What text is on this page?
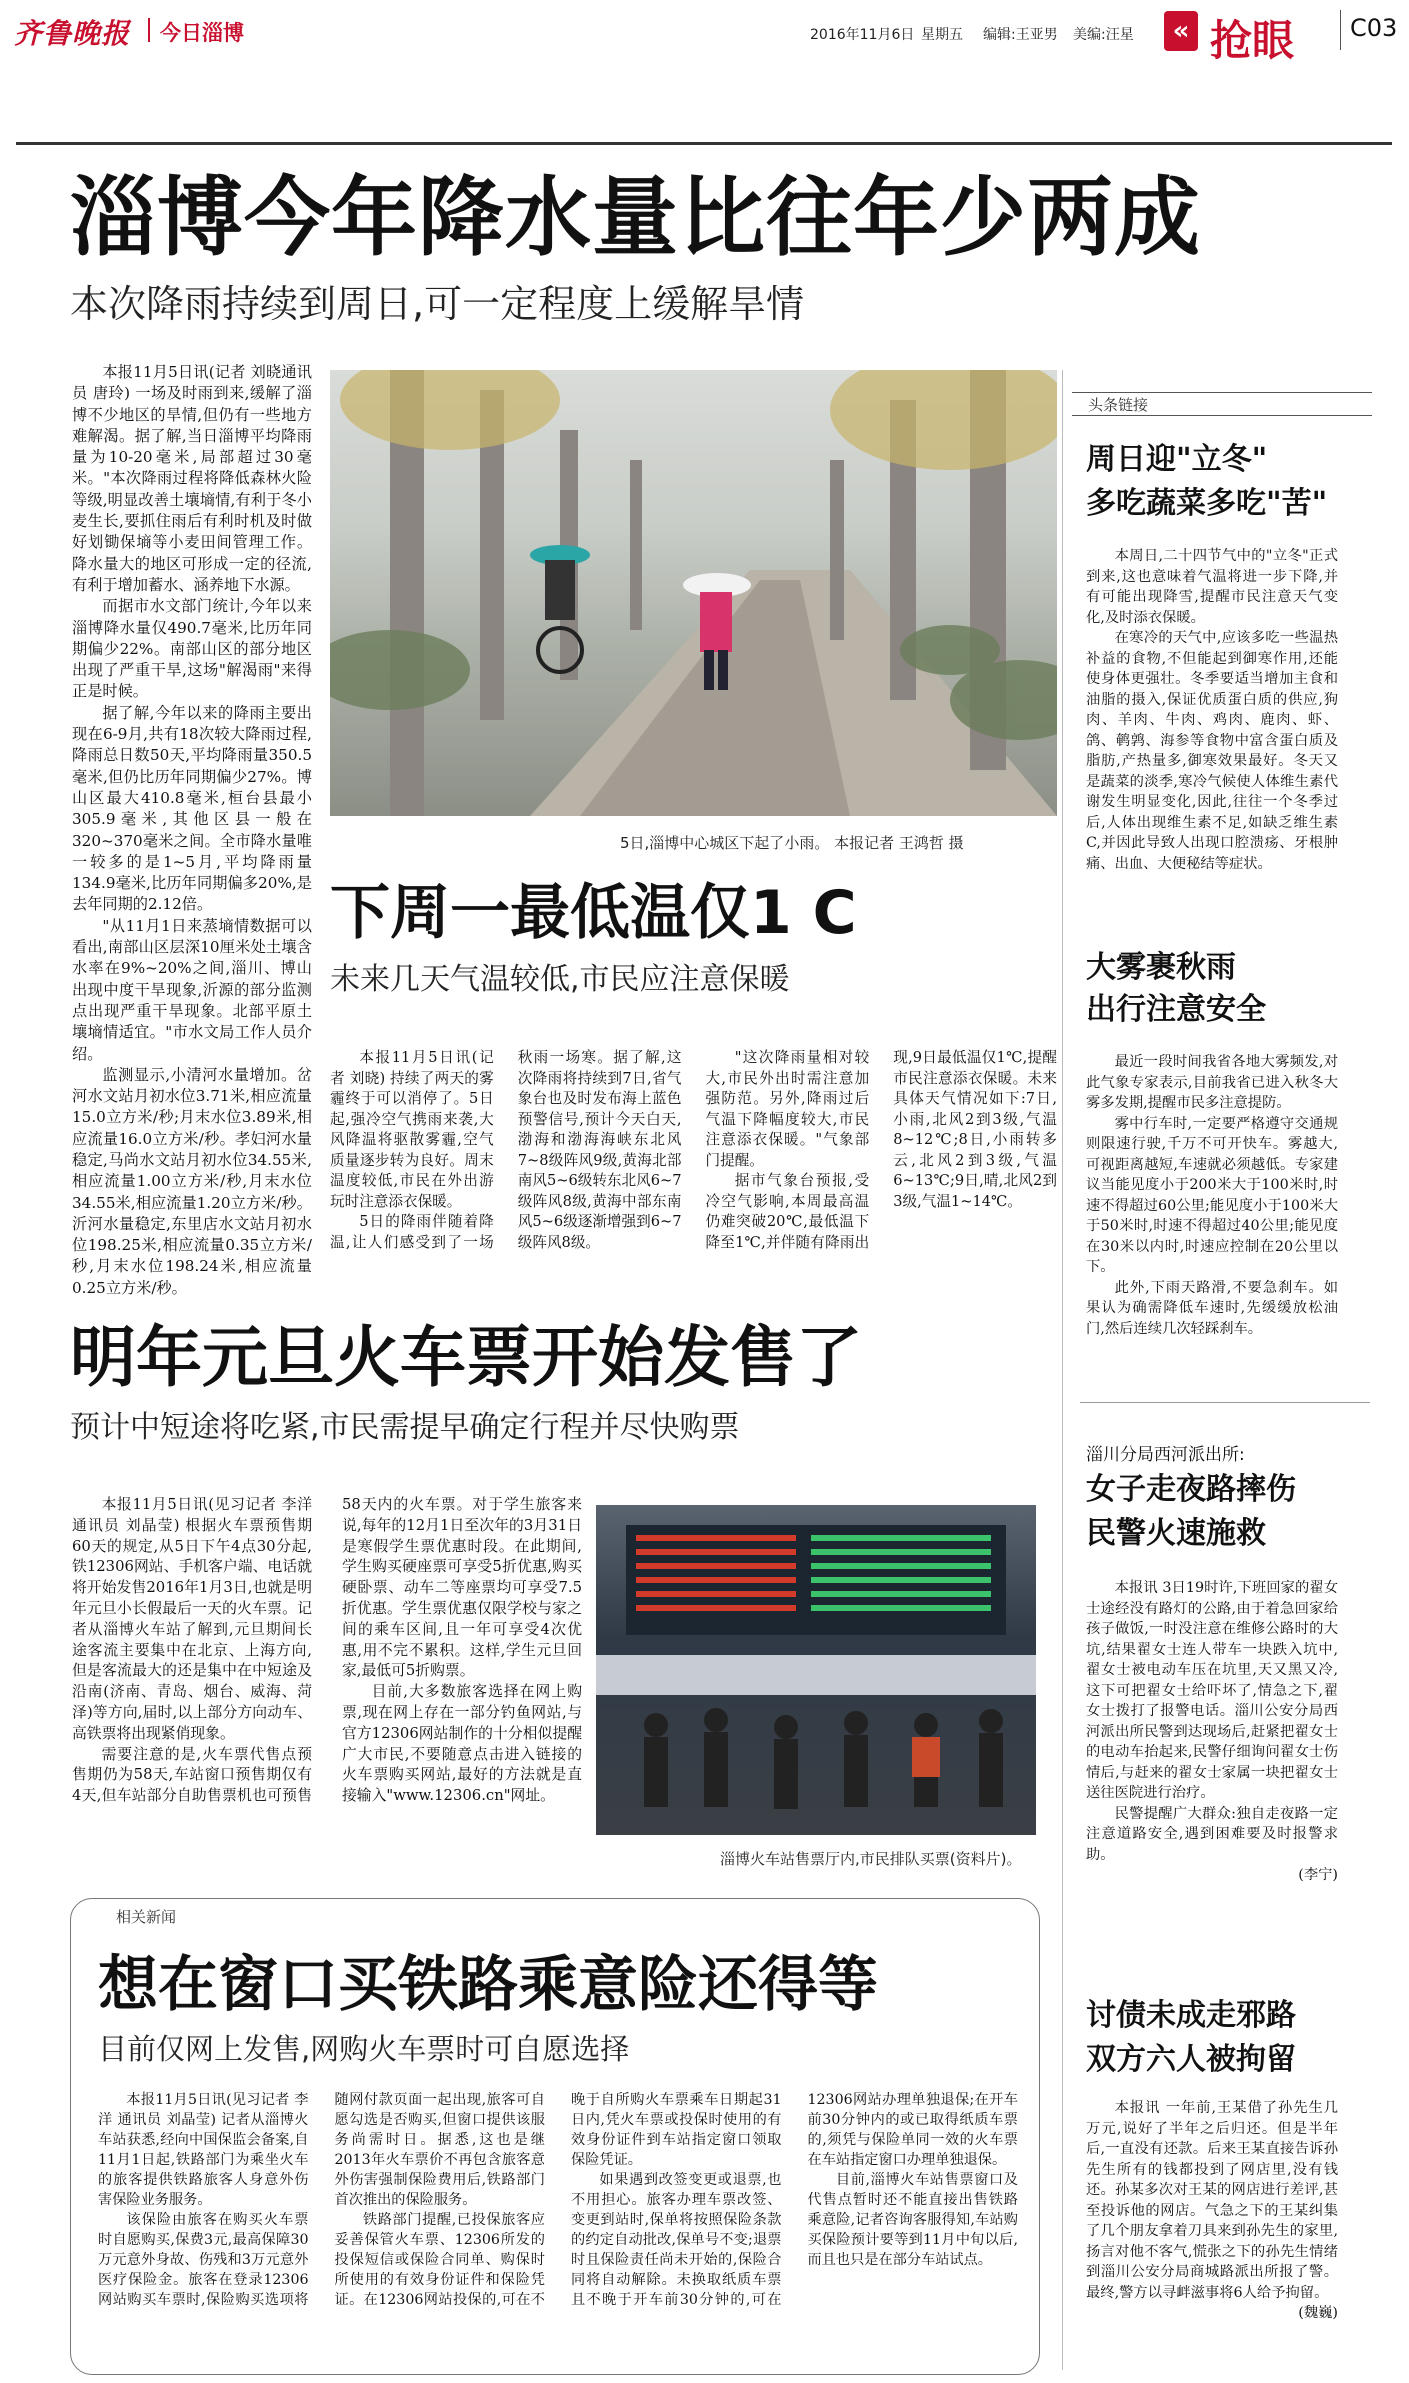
齐鲁晚报 今日淄博	2016年11月6日 星期五 编辑:王亚男 美编:汪星	« 抢眼 C03
淄博今年降水量比往年少两成
本次降雨持续到周日,可一定程度上缓解旱情

本报11月5日讯(记者 刘晓通讯员 唐玲) 一场及时雨到来,缓解了淄博不少地区的旱情,但仍有一些地方难解渴。据了解,当日淄博平均降雨量为10-20毫米,局部超过30毫米。"本次降雨过程将降低森林火险等级,明显改善土壤墒情,有利于冬小麦生长,要抓住雨后有利时机及时做好划锄保墒等小麦田间管理工作。降水量大的地区可形成一定的径流,有利于增加蓄水、涵养地下水源。

而据市水文部门统计,今年以来淄博降水量仅490.7毫米,比历年同期偏少22%。南部山区的部分地区出现了严重干旱,这场"解渴雨"来得正是时候。

据了解,今年以来的降雨主要出现在6-9月,共有18次较大降雨过程,降雨总日数50天,平均降雨量350.5毫米,但仍比历年同期偏少27%。博山区最大410.8毫米,桓台县最小305.9毫米,其他区县一般在320~370毫米之间。全市降水量唯一较多的是1~5月,平均降雨量134.9毫米,比历年同期偏多20%,是去年同期的2.12倍。

"从11月1日来蒸墒情数据可以看出,南部山区层深10厘米处土壤含水率在9%~20%之间,淄川、博山出现中度干旱现象,沂源的部分监测点出现严重干旱现象。北部平原土壤墒情适宜。"市水文局工作人员介绍。

监测显示,小清河水量增加。岔河水文站月初水位3.71米,相应流量15.0立方米/秒;月末水位3.89米,相应流量16.0立方米/秒。孝妇河水量稳定,马尚水文站月初水位34.55米,相应流量1.00立方米/秒,月末水位34.55米,相应流量1.20立方米/秒。沂河水量稳定,东里店水文站月初水位198.25米,相应流量0.35立方米/秒,月末水位198.24米,相应流量0.25立方米/秒。

5日,淄博中心城区下起了小雨。 本报记者 王鸿哲 摄
下周一最低温仅1 C
未来几天气温较低,市民应注意保暖

本报11月5日讯(记者 刘晓) 持续了两天的雾霾终于可以消停了。5日起,强冷空气携雨来袭,大风降温将驱散雾霾,空气质量逐步转为良好。周末温度较低,市民在外出游玩时注意添衣保暖。

5日的降雨伴随着降温,让人们感受到了一场秋雨一场寒。据了解,这次降雨将持续到7日,省气象台也及时发布海上蓝色预警信号,预计今天白天,渤海和渤海海峡东北风7~8级阵风9级,黄海北部南风5~6级转东北风6~7级阵风8级,黄海中部东南风5~6级逐渐增强到6~7级阵风8级。

"这次降雨量相对较大,市民外出时需注意加强防范。另外,降雨过后气温下降幅度较大,市民注意添衣保暖。"气象部门提醒。

据市气象台预报,受冷空气影响,本周最高温仍难突破20℃,最低温下降至1℃,并伴随有降雨出现,9日最低温仅1℃,提醒市民注意添衣保暖。未来具体天气情况如下:7日,小雨,北风2到3级,气温8~12℃;8日,小雨转多云,北风2到3级,气温6~13℃;9日,晴,北风2到3级,气温1~14℃。

明年元旦火车票开始发售了
预计中短途将吃紧,市民需提早确定行程并尽快购票

本报11月5日讯(见习记者 李洋 通讯员 刘晶莹) 根据火车票预售期60天的规定,从5日下午4点30分起,铁12306网站、手机客户端、电话就将开始发售2016年1月3日,也就是明年元旦小长假最后一天的火车票。记者从淄博火车站了解到,元旦期间长途客流主要集中在北京、上海方向,但是客流最大的还是集中在中短途及沿南(济南、青岛、烟台、威海、菏泽)等方向,届时,以上部分方向动车、高铁票将出现紧俏现象。

需要注意的是,火车票代售点预售期仍为58天,车站窗口预售期仅有4天,但车站部分自助售票机也可预售58天内的火车票。对于学生旅客来说,每年的12月1日至次年的3月31日是寒假学生票优惠时段。在此期间,学生购买硬座票可享受5折优惠,购买硬卧票、动车二等座票均可享受7.5折优惠。学生票优惠仅限学校与家之间的乘车区间,且一年可享受4次优惠,用不完不累积。这样,学生元旦回家,最低可5折购票。

目前,大多数旅客选择在网上购票,现在网上存在一部分钓鱼网站,与官方12306网站制作的十分相似提醒广大市民,不要随意点击进入链接的火车票购买网站,最好的方法就是直接输入"www.12306.cn"网址。

淄博火车站售票厅内,市民排队买票(资料片)。
相关新闻
想在窗口买铁路乘意险还得等
目前仅网上发售,网购火车票时可自愿选择

本报11月5日讯(见习记者 李洋 通讯员 刘晶莹) 记者从淄博火车站获悉,经向中国保监会备案,自11月1日起,铁路部门为乘坐火车的旅客提供铁路旅客人身意外伤害保险业务服务。

该保险由旅客在购买火车票时自愿购买,保费3元,最高保障30万元意外身故、伤残和3万元意外医疗保险金。旅客在登录12306网站购买车票时,保险购买选项将随网付款页面一起出现,旅客可自愿勾选是否购买,但窗口提供该服务尚需时日。据悉,这也是继2013年火车票价不再包含旅客意外伤害强制保险费用后,铁路部门首次推出的保险服务。

铁路部门提醒,已投保旅客应妥善保管火车票、12306所发的投保短信或保险合同单、购保时所使用的有效身份证件和保险凭证。在12306网站投保的,可在不晚于自所购火车票乘车日期起31日内,凭火车票或投保时使用的有效身份证件到车站指定窗口领取保险凭证。

如果遇到改签变更或退票,也不用担心。旅客办理车票改签、变更到站时,保单将按照保险条款的约定自动批改,保单号不变;退票时且保险责任尚未开始的,保险合同将自动解除。未换取纸质车票且不晚于开车前30分钟的,可在12306网站办理单独退保;在开车前30分钟内的或已取得纸质车票的,须凭与保险单同一效的火车票在车站指定窗口办理单独退保。

目前,淄博火车站售票窗口及代售点暂时还不能直接出售铁路乘意险,记者咨询客服得知,车站购买保险预计要等到11月中旬以后,而且也只是在部分车站试点。

头条链接
周日迎"立冬"
多吃蔬菜多吃"苦"

本周日,二十四节气中的"立冬"正式到来,这也意味着气温将进一步下降,并有可能出现降雪,提醒市民注意天气变化,及时添衣保暖。

在寒冷的天气中,应该多吃一些温热补益的食物,不但能起到御寒作用,还能使身体更强壮。冬季要适当增加主食和油脂的摄入,保证优质蛋白质的供应,狗肉、羊肉、牛肉、鸡肉、鹿肉、虾、鸽、鹌鹑、海参等食物中富含蛋白质及脂肪,产热量多,御寒效果最好。冬天又是蔬菜的淡季,寒冷气候使人体维生素代谢发生明显变化,因此,往往一个冬季过后,人体出现维生素不足,如缺乏维生素C,并因此导致人出现口腔溃疡、牙根肿痛、出血、大便秘结等症状。

大雾裹秋雨
出行注意安全

最近一段时间我省各地大雾频发,对此气象专家表示,目前我省已进入秋冬大雾多发期,提醒市民多注意提防。

雾中行车时,一定要严格遵守交通规则限速行驶,千万不可开快车。雾越大,可视距离越短,车速就必须越低。专家建议当能见度小于200米大于100米时,时速不得超过60公里;能见度小于100米大于50米时,时速不得超过40公里;能见度在30米以内时,时速应控制在20公里以下。

此外,下雨天路滑,不要急刹车。如果认为确需降低车速时,先缓缓放松油门,然后连续几次轻踩刹车。

淄川分局西河派出所:
女子走夜路摔伤
民警火速施救

本报讯 3日19时许,下班回家的翟女士途经没有路灯的公路,由于着急回家给孩子做饭,一时没注意在维修公路时的大坑,结果翟女士连人带车一块跌入坑中,翟女士被电动车压在坑里,天又黑又冷,这下可把翟女士给吓坏了,情急之下,翟女士拨打了报警电话。淄川公安分局西河派出所民警到达现场后,赶紧把翟女士的电动车抬起来,民警仔细询问翟女士伤情后,与赶来的翟女士家属一块把翟女士送往医院进行治疗。

民警提醒广大群众:独自走夜路一定注意道路安全,遇到困难要及时报警求助。

(李宁)
讨债未成走邪路
双方六人被拘留

本报讯 一年前,王某借了孙先生几万元,说好了半年之后归还。但是半年后,一直没有还款。后来王某直接告诉孙先生所有的钱都投到了网店里,没有钱还。孙某多次对王某的网店进行差评,甚至投诉他的网店。气急之下的王某纠集了几个朋友拿着刀具来到孙先生的家里,扬言对他不客气,慌张之下的孙先生情绪到淄川公安分局商城路派出所报了警。最终,警方以寻衅滋事将6人给予拘留。

(魏巍)
